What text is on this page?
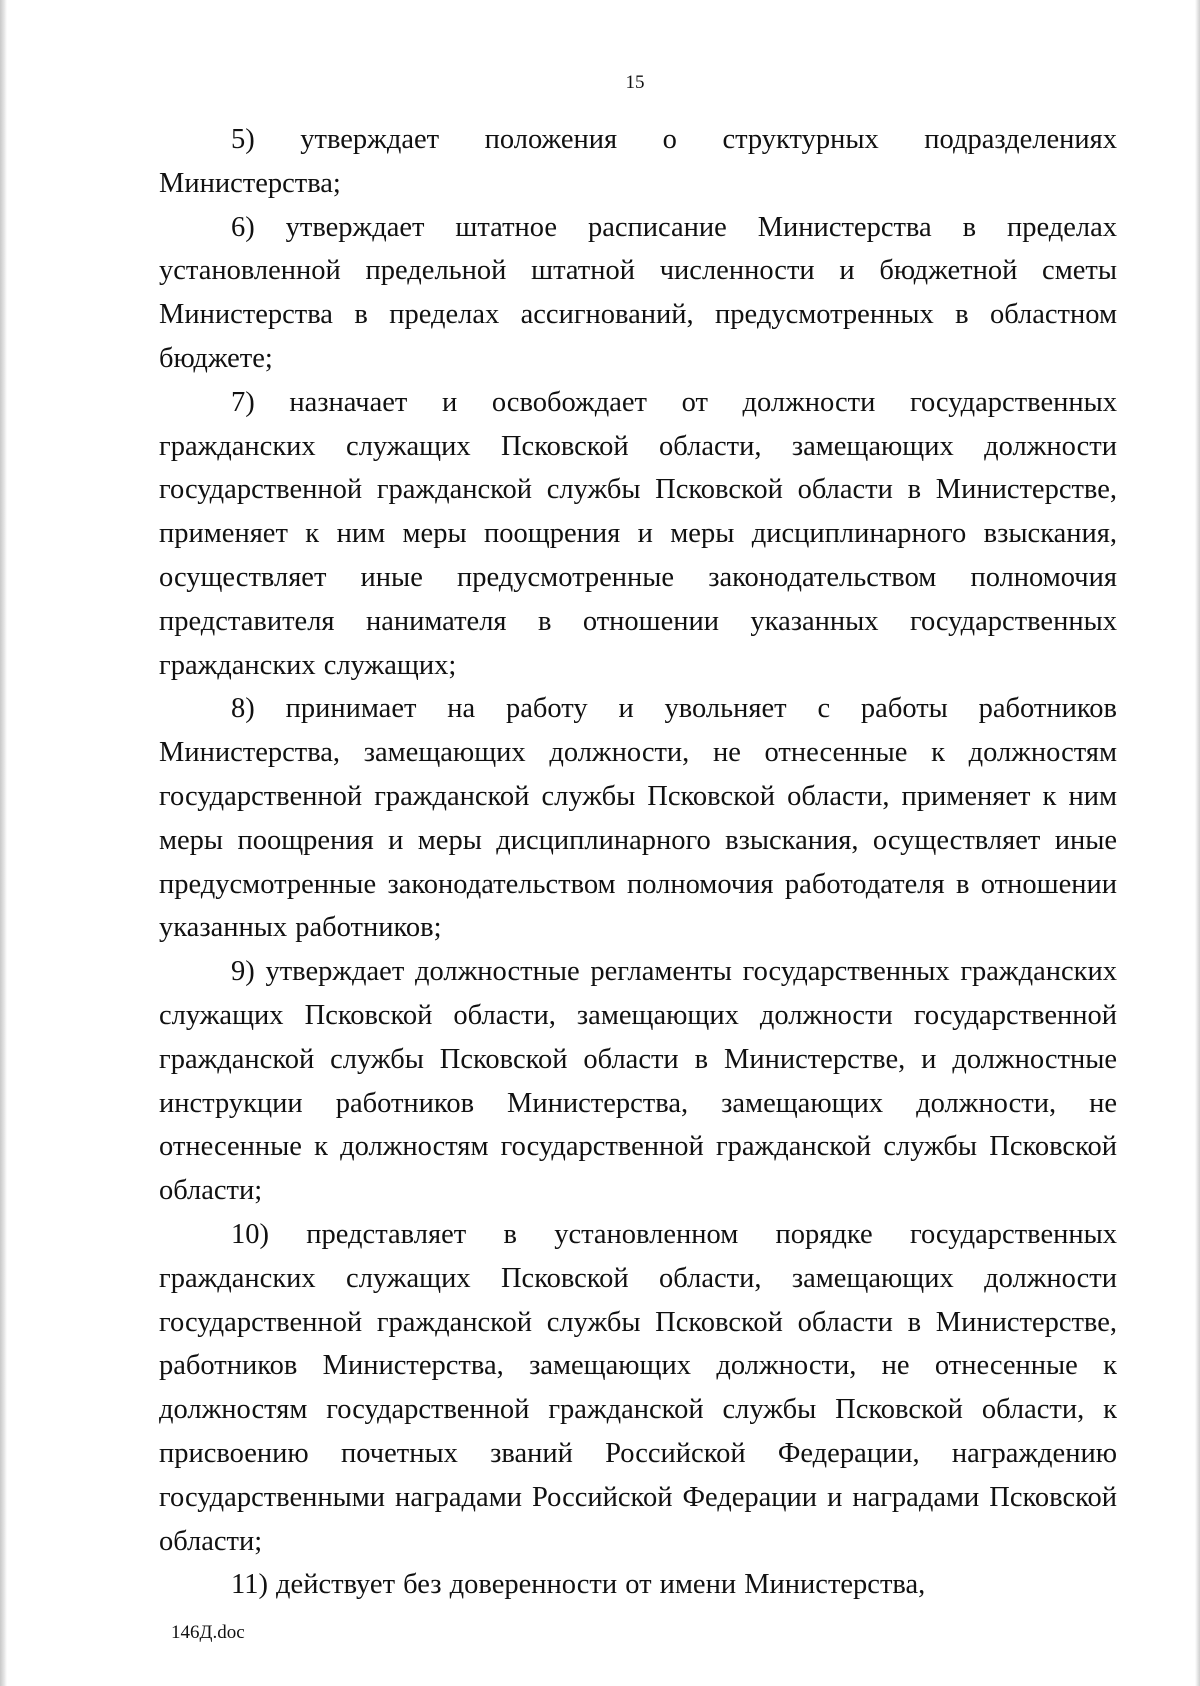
15

5) утверждает положения о структурных подразделениях Министерства;

6) утверждает штатное расписание Министерства в пределах установленной предельной штатной численности и бюджетной сметы Министерства в пределах ассигнований, предусмотренных в областном бюджете;

7) назначает и освобождает от должности государственных гражданских служащих Псковской области, замещающих должности государственной гражданской службы Псковской области в Министерстве, применяет к ним меры поощрения и меры дисциплинарного взыскания, осуществляет иные предусмотренные законодательством полномочия представителя нанимателя в отношении указанных государственных гражданских служащих;

8) принимает на работу и увольняет с работы работников Министерства, замещающих должности, не отнесенные к должностям государственной гражданской службы Псковской области, применяет к ним меры поощрения и меры дисциплинарного взыскания, осуществляет иные предусмотренные законодательством полномочия работодателя в отношении указанных работников;

9) утверждает должностные регламенты государственных гражданских служащих Псковской области, замещающих должности государственной гражданской службы Псковской области в Министерстве, и должностные инструкции работников Министерства, замещающих должности, не отнесенные к должностям государственной гражданской службы Псковской области;

10) представляет в установленном порядке государственных гражданских служащих Псковской области, замещающих должности государственной гражданской службы Псковской области в Министерстве, работников Министерства, замещающих должности, не отнесенные к должностям государственной гражданской службы Псковской области, к присвоению почетных званий Российской Федерации, награждению государственными наградами Российской Федерации и наградами Псковской области;

11) действует без доверенности от имени Министерства,

146Д.doc
